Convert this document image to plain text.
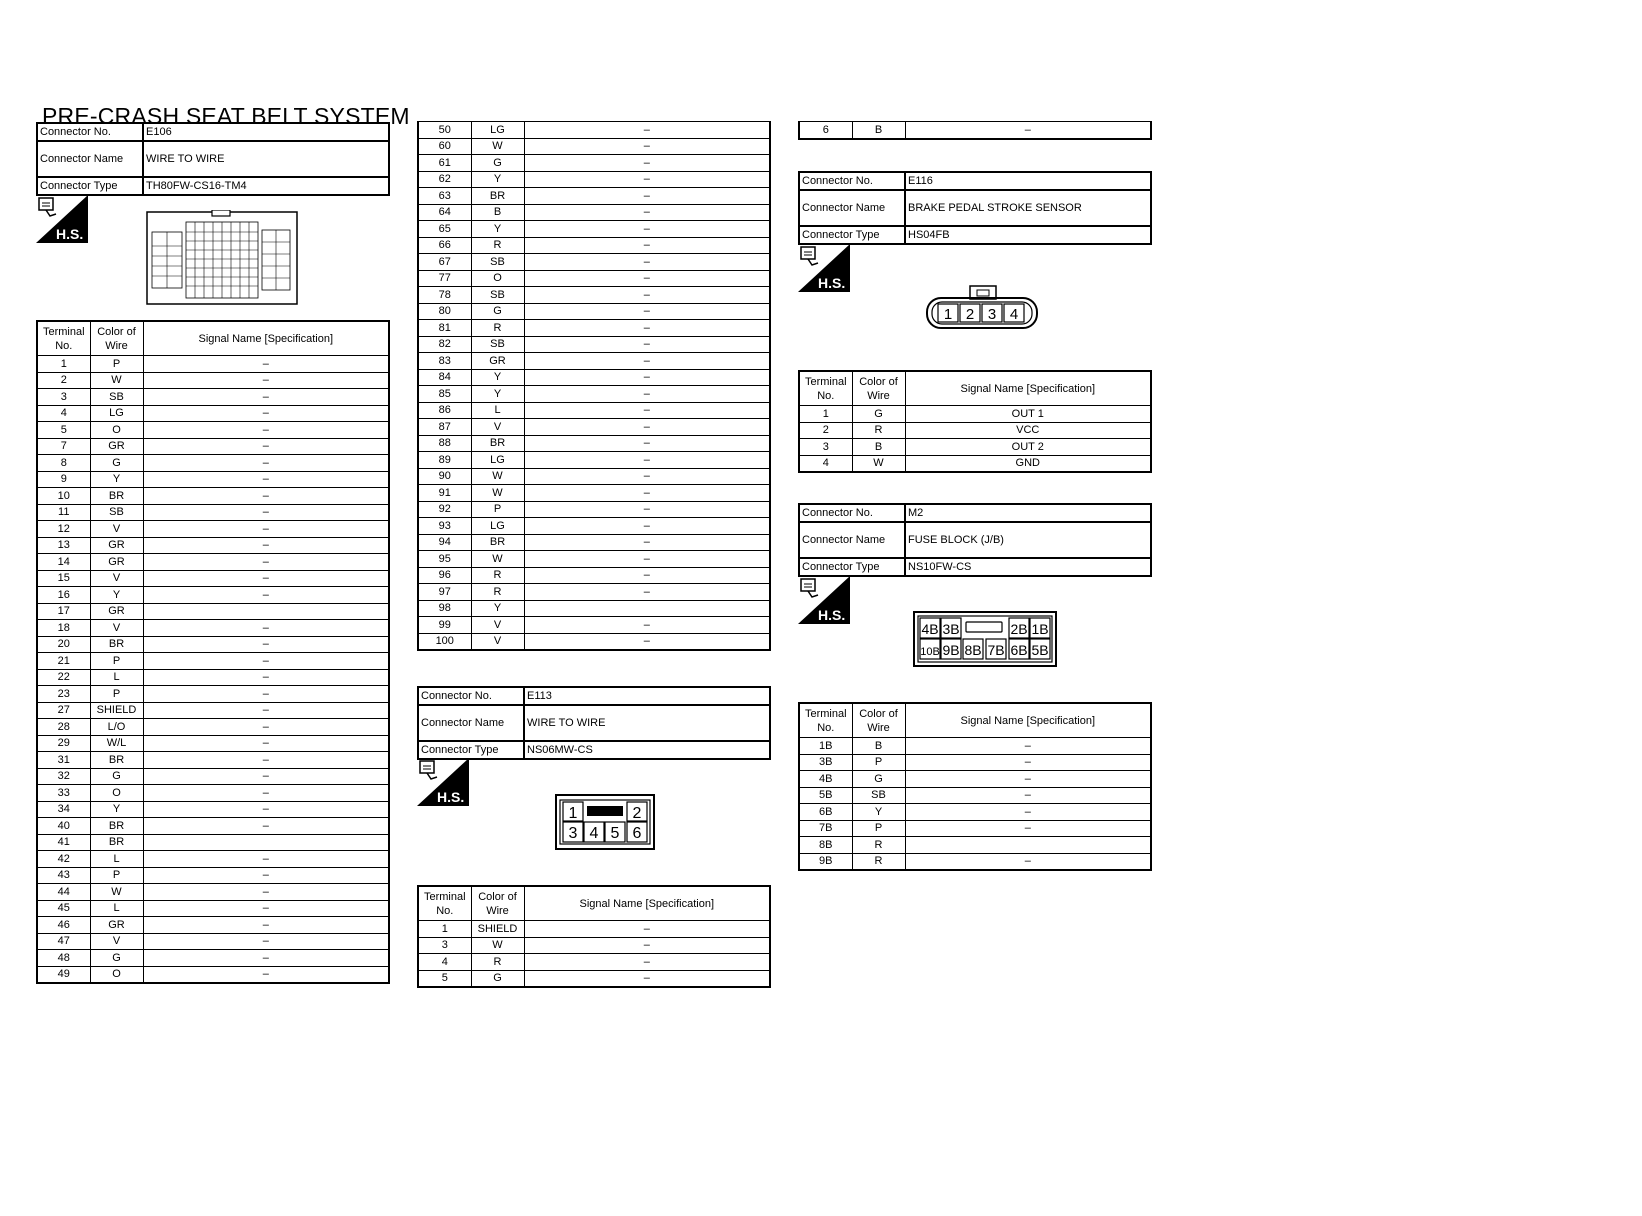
PRE-CRASH SEAT BELT SYSTEM
Connector No.	E106
Connector Name	WIRE TO WIRE
Connector Type	TH80FW-CS16-TM4
H.S.
Terminal No.	Color of Wire	Signal Name [Specification]
1	P	–
2	W	–
3	SB	–
4	LG	–
5	O	–
7	GR	–
8	G	–
9	Y	–
10	BR	–
11	SB	–
12	V	–
13	GR	–
14	GR	–
15	V	–
16	Y	–
17	GR	
18	V	–
20	BR	–
21	P	–
22	L	–
23	P	–
27	SHIELD	–
28	L/O	–
29	W/L	–
31	BR	–
32	G	–
33	O	–
34	Y	–
40	BR	–
41	BR	
42	L	–
43	P	–
44	W	–
45	L	–
46	GR	–
47	V	–
48	G	–
49	O	–
50	LG	–
60	W	–
61	G	–
62	Y	–
63	BR	–
64	B	–
65	Y	–
66	R	–
67	SB	–
77	O	–
78	SB	–
80	G	–
81	R	–
82	SB	–
83	GR	–
84	Y	–
85	Y	–
86	L	–
87	V	–
88	BR	–
89	LG	–
90	W	–
91	W	–
92	P	–
93	LG	–
94	BR	–
95	W	–
96	R	–
97	R	–
98	Y	
99	V	–
100	V	–
Connector No.	E113
Connector Name	WIRE TO WIRE
Connector Type	NS06MW-CS
H.S.
1	2
3 4 5 6
Terminal No.	Color of Wire	Signal Name [Specification]
1	SHIELD	–
3	W	–
4	R	–
5	G	–
6	B	–
Connector No.	E116
Connector Name	BRAKE PEDAL STROKE SENSOR
Connector Type	HS04FB
H.S.
1 2 3 4
Terminal No.	Color of Wire	Signal Name [Specification]
1	G	OUT 1
2	R	VCC
3	B	OUT 2
4	W	GND
Connector No.	M2
Connector Name	FUSE BLOCK (J/B)
Connector Type	NS10FW-CS
H.S.
4B 3B	2B 1B
10B 9B 8B 7B 6B 5B
Terminal No.	Color of Wire	Signal Name [Specification]
1B	B	–
3B	P	–
4B	G	–
5B	SB	–
6B	Y	–
7B	P	–
8B	R	
9B	R	–
